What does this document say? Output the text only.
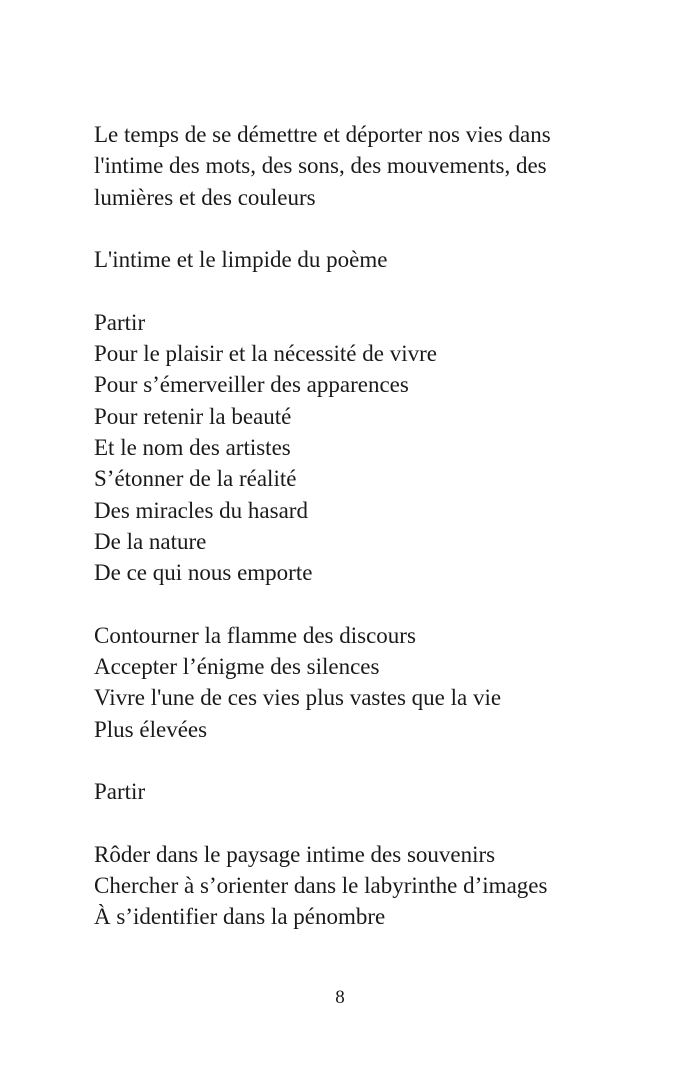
Le temps de se démettre et déporter nos vies dans
l'intime des mots, des sons, des mouvements, des
lumières et des couleurs
L'intime et le limpide du poème
Partir
Pour le plaisir et la nécessité de vivre
Pour s’émerveiller des apparences
Pour retenir la beauté
Et le nom des artistes
S’étonner de la réalité
Des miracles du hasard
De la nature
De ce qui nous emporte
Contourner la flamme des discours
Accepter l’énigme des silences
Vivre l'une de ces vies plus vastes que la vie
Plus élevées
Partir
Rôder dans le paysage intime des souvenirs
Chercher à s’orienter dans le labyrinthe d’images
À s’identifier dans la pénombre
8
